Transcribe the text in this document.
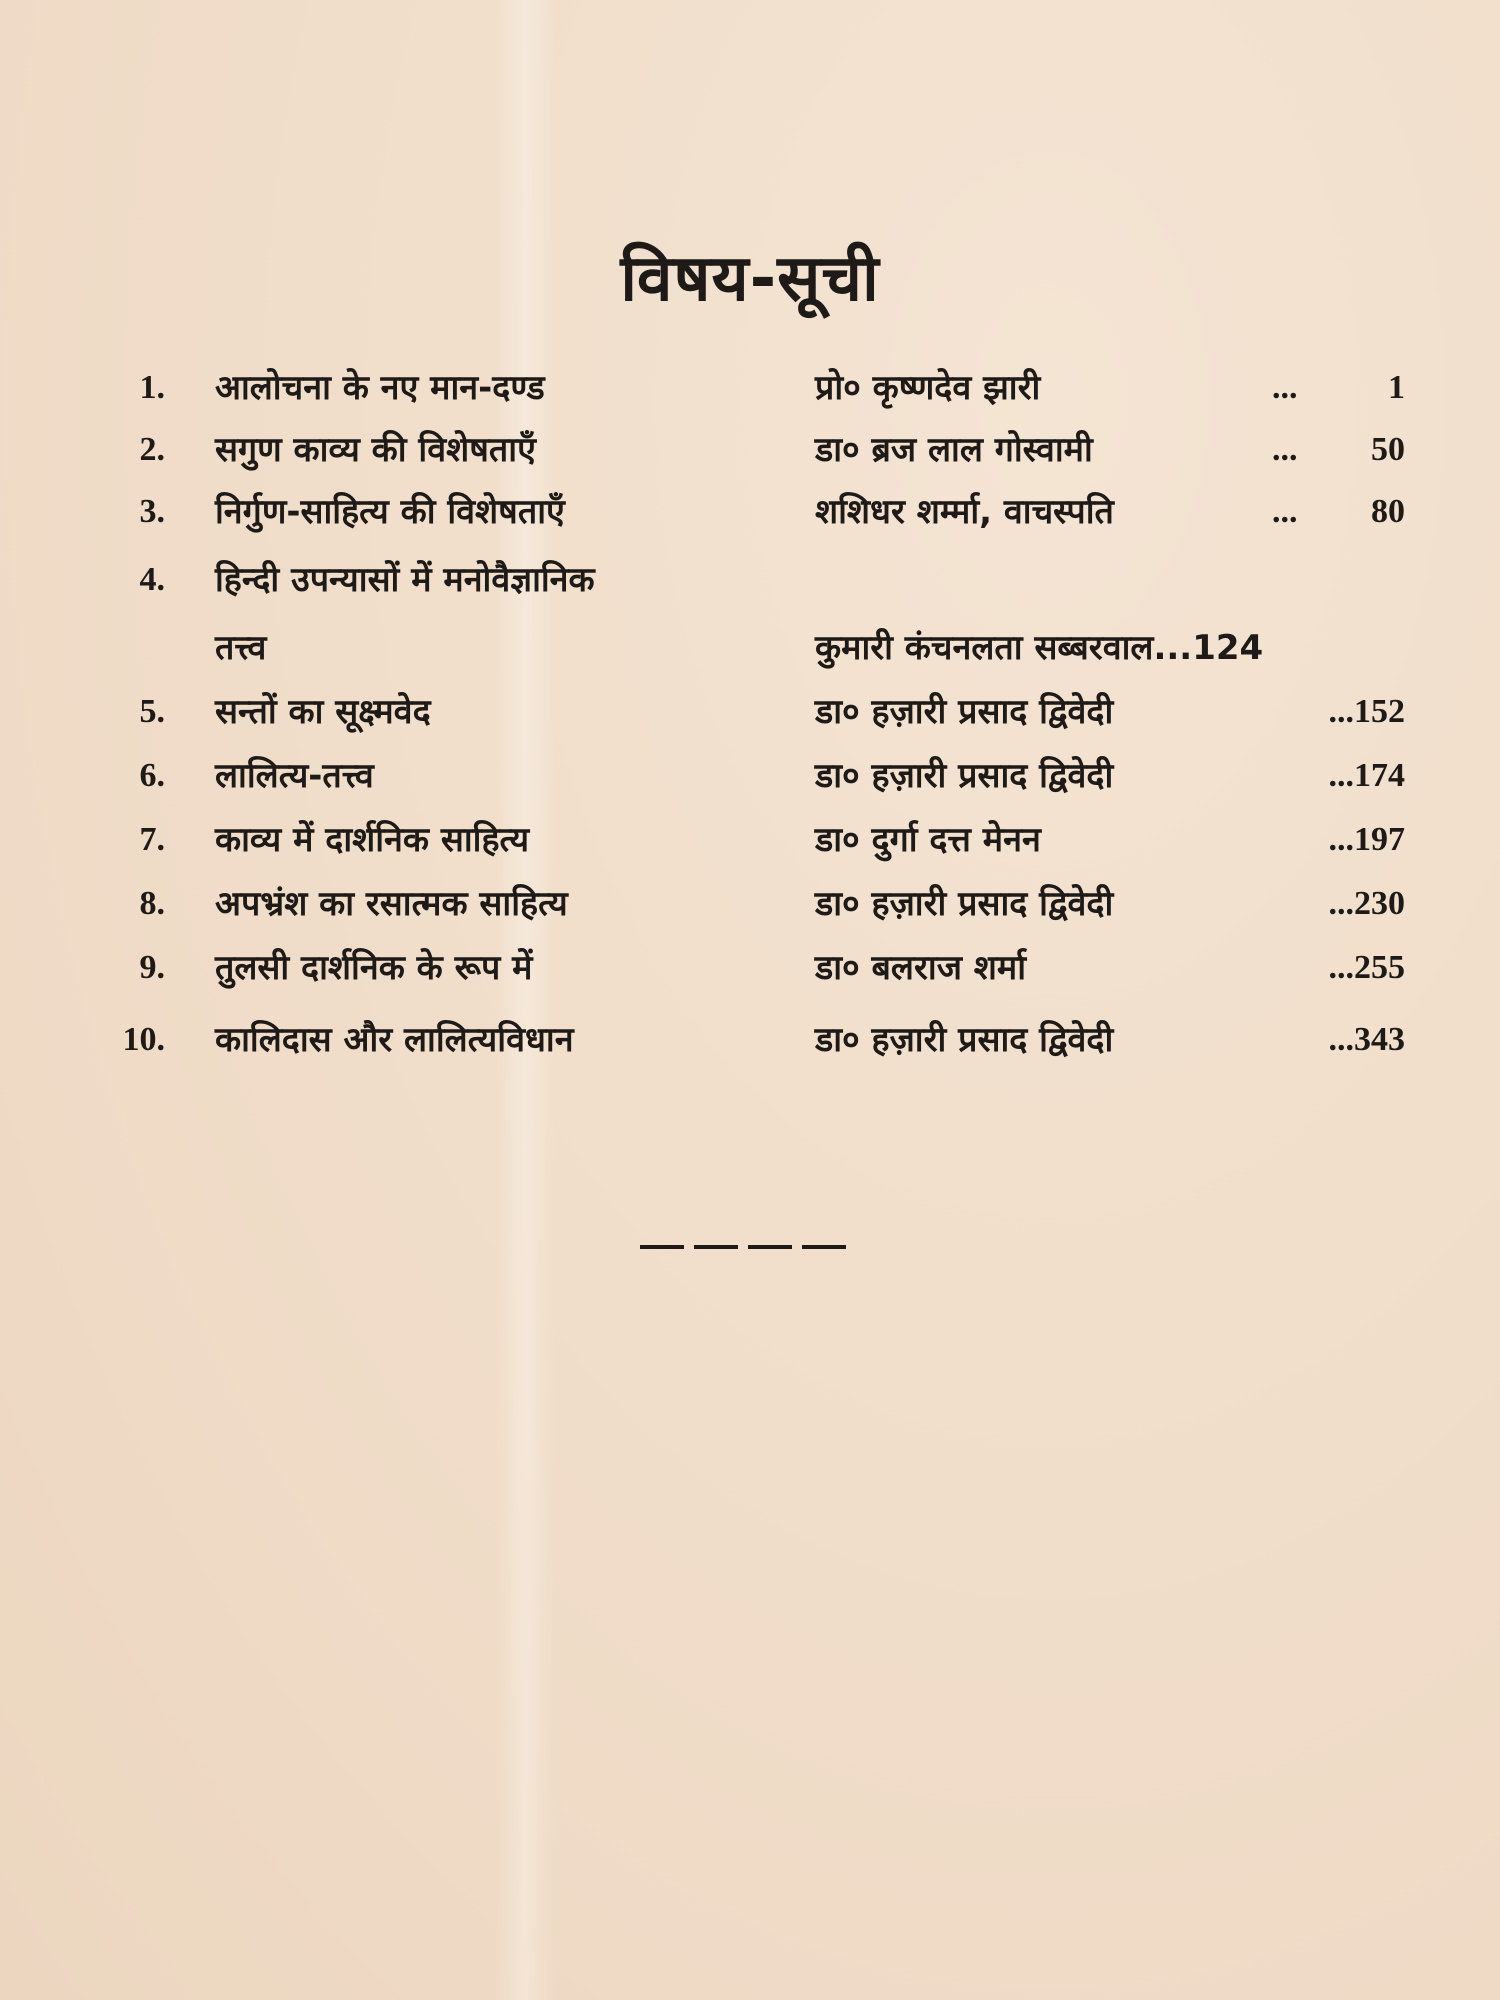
विषय-सूची
1. आलोचना के नए मान-दण्ड	प्रो० कृष्णदेव झारी	...	1
2. सगुण काव्य की विशेषताएँ	डा० ब्रज लाल गोस्वामी	... 50
3. निर्गुण-साहित्य की विशेषताएँ	शशिधर शर्म्मा, वाचस्पति	... 80
4. हिन्दी उपन्यासों में मनोवैज्ञानिक
तत्त्व	कुमारी कंचनलता सब्बरवाल...124
5. सन्तों का सूक्ष्मवेद	डा० हज़ारी प्रसाद द्विवेदी	...152
6. लालित्य-तत्त्व	डा० हज़ारी प्रसाद द्विवेदी	...174
7. काव्य में दार्शनिक साहित्य	डा० दुर्गा दत्त मेनन	...197
8. अपभ्रंश का रसात्मक साहित्य	डा० हज़ारी प्रसाद द्विवेदी	...230
9. तुलसी दार्शनिक के रूप में	डा० बलराज शर्मा	...255
10. कालिदास और लालित्यविधान	डा० हज़ारी प्रसाद द्विवेदी	...343
